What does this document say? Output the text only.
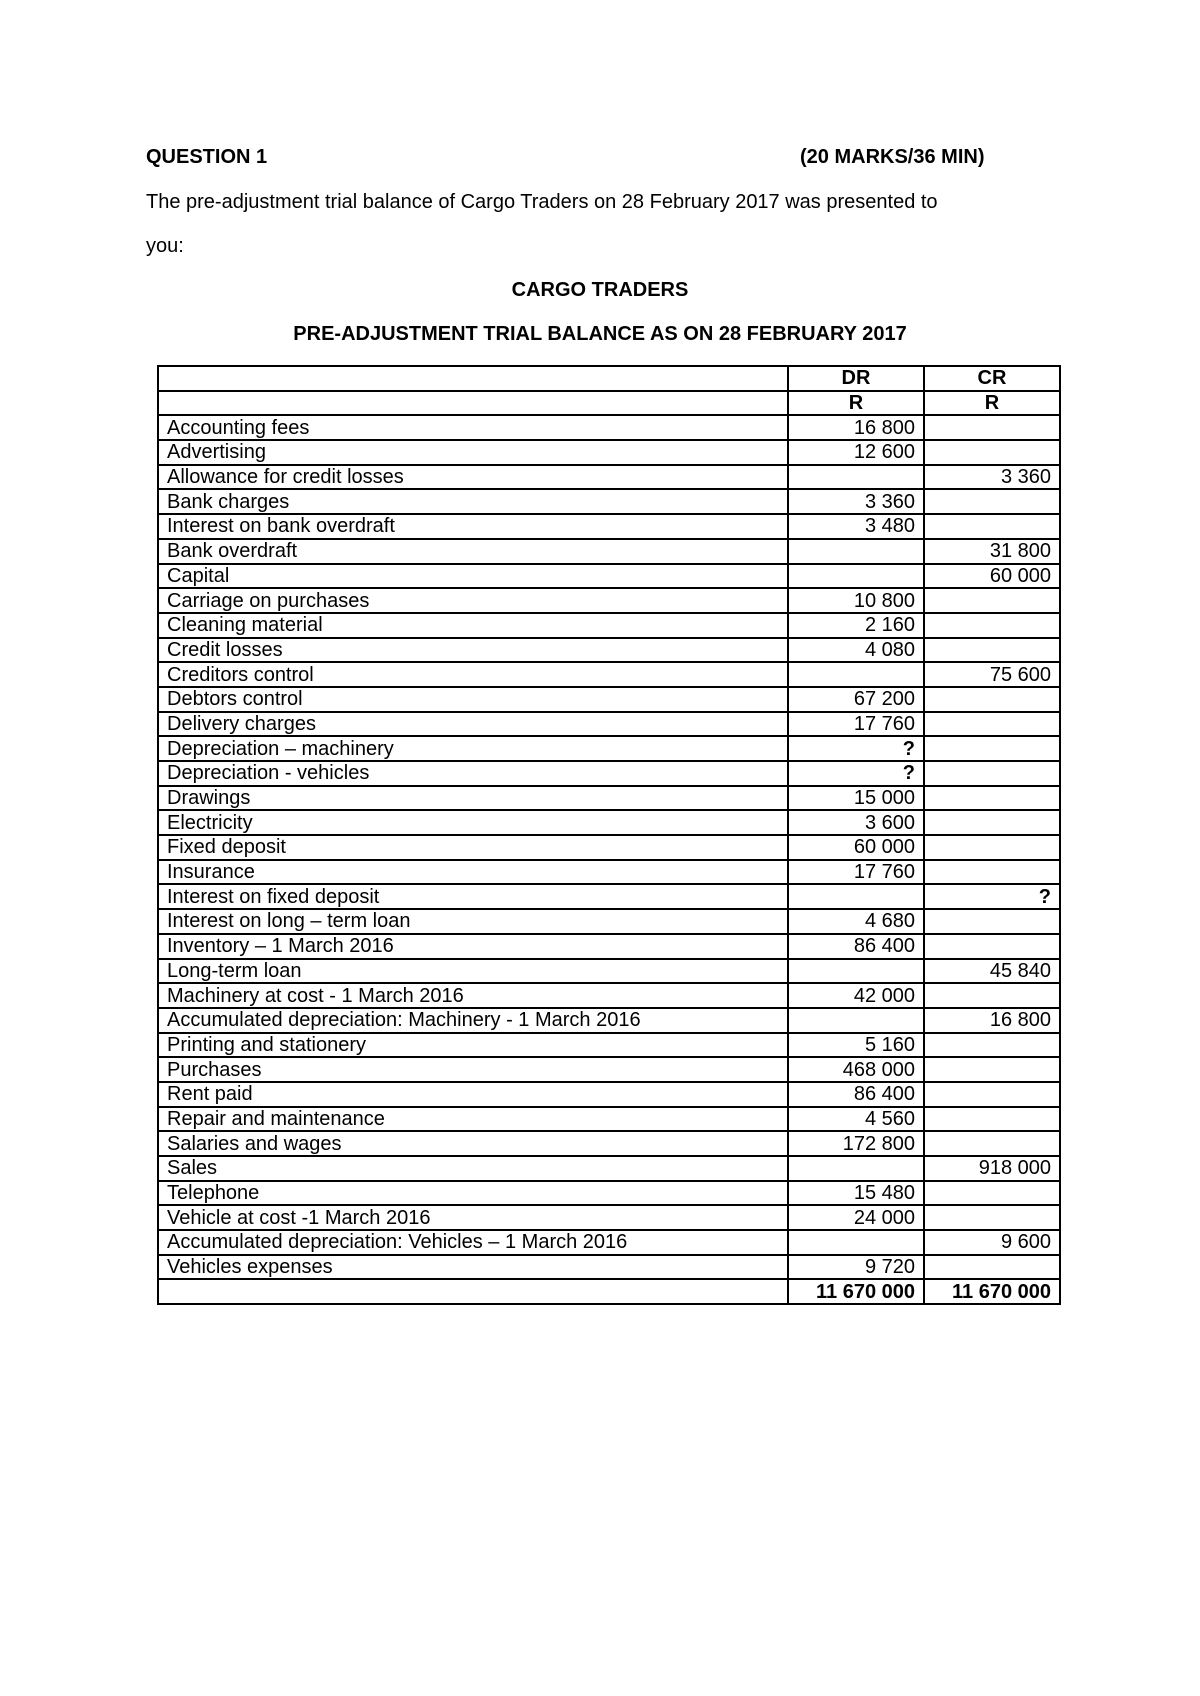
QUESTION 1	(20 MARKS/36 MIN)
The pre-adjustment trial balance of Cargo Traders on 28 February 2017 was presented to
you:
CARGO TRADERS
PRE-ADJUSTMENT TRIAL BALANCE AS ON 28 FEBRUARY 2017
	DR	CR
	R	R
Accounting fees	16 800	
Advertising	12 600	
Allowance for credit losses		3 360
Bank charges	3 360	
Interest on bank overdraft	3 480	
Bank overdraft		31 800
Capital		60 000
Carriage on purchases	10 800	
Cleaning material	2 160	
Credit losses	4 080	
Creditors control		75 600
Debtors control	67 200	
Delivery charges	17 760	
Depreciation – machinery	?	
Depreciation - vehicles	?	
Drawings	15 000	
Electricity	3 600	
Fixed deposit	60 000	
Insurance	17 760	
Interest on fixed deposit		?
Interest on long – term loan	4 680	
Inventory – 1 March 2016	86 400	
Long-term loan		45 840
Machinery at cost - 1 March 2016	42 000	
Accumulated depreciation: Machinery - 1 March 2016		16 800
Printing and stationery	5 160	
Purchases	468 000	
Rent paid	86 400	
Repair and maintenance	4 560	
Salaries and wages	172 800	
Sales		918 000
Telephone	15 480	
Vehicle at cost -1 March 2016	24 000	
Accumulated depreciation: Vehicles – 1 March 2016		9 600
Vehicles expenses	9 720	
	11 670 000	11 670 000
